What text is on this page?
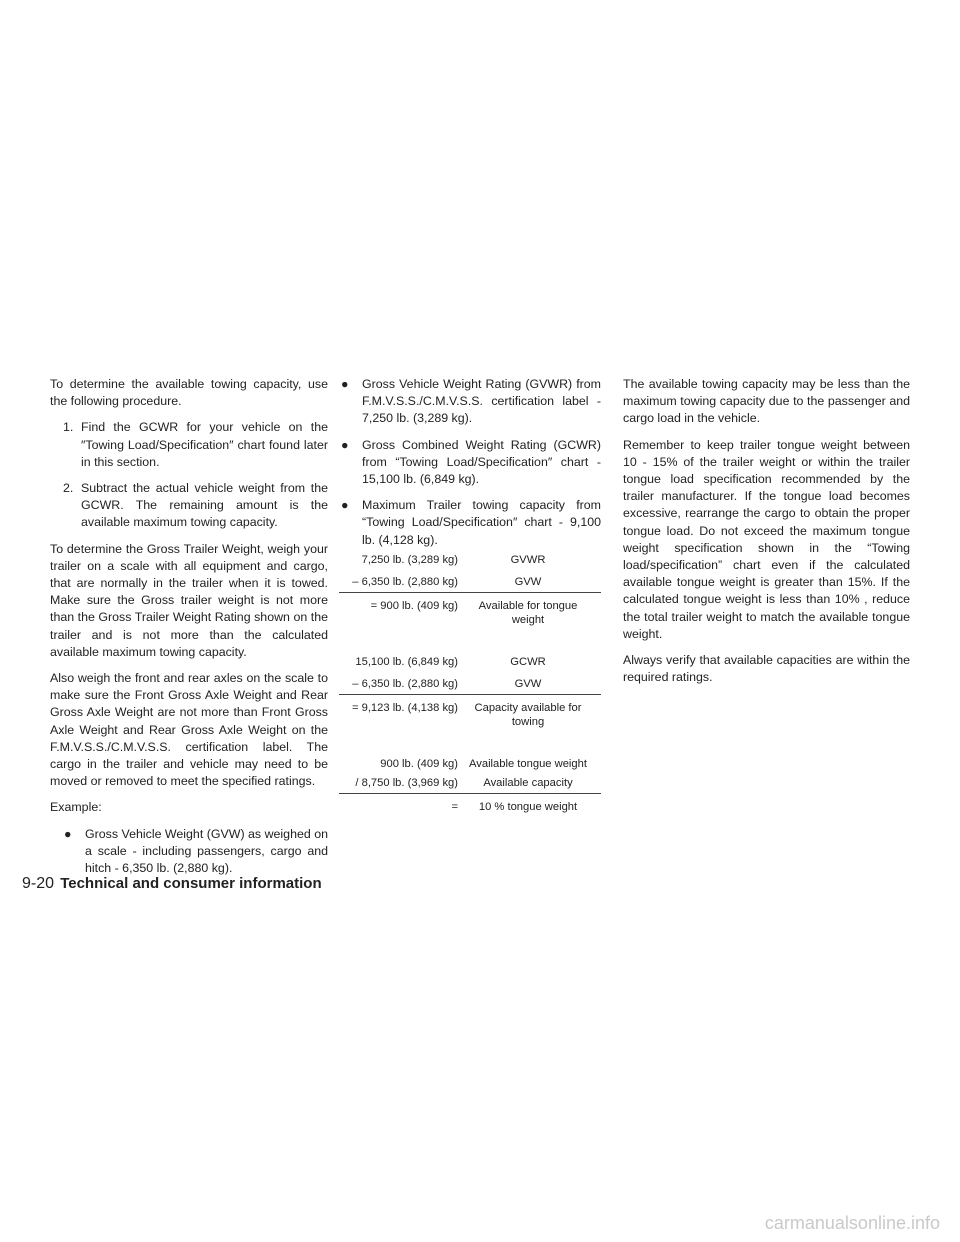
To determine the available towing capacity, use the following procedure.

1. Find the GCWR for your vehicle on the ″Towing Load/Specification″ chart found later in this section.
2. Subtract the actual vehicle weight from the GCWR. The remaining amount is the available maximum towing capacity.

To determine the Gross Trailer Weight, weigh your trailer on a scale with all equipment and cargo, that are normally in the trailer when it is towed. Make sure the Gross trailer weight is not more than the Gross Trailer Weight Rating shown on the trailer and is not more than the calculated available maximum towing capacity.

Also weigh the front and rear axles on the scale to make sure the Front Gross Axle Weight and Rear Gross Axle Weight are not more than Front Gross Axle Weight and Rear Gross Axle Weight on the F.M.V.S.S./C.M.V.S.S. certification label. The cargo in the trailer and vehicle may need to be moved or removed to meet the specified ratings.

Example:

● Gross Vehicle Weight (GVW) as weighed on a scale - including passengers, cargo and hitch - 6,350 lb. (2,880 kg).
● Gross Vehicle Weight Rating (GVWR) from F.M.V.S.S./C.M.V.S.S. certification label - 7,250 lb. (3,289 kg).
● Gross Combined Weight Rating (GCWR) from “Towing Load/Specification″ chart - 15,100 lb. (6,849 kg).
● Maximum Trailer towing capacity from “Towing Load/Specification″ chart - 9,100 lb. (4,128 kg).
7,250 lb. (3,289 kg)	GVWR
– 6,350 lb. (2,880 kg)	GVW
= 900 lb. (409 kg)	Available for tongue weight
15,100 lb. (6,849 kg)	GCWR
– 6,350 lb. (2,880 kg)	GVW
= 9,123 lb. (4,138 kg)	Capacity available for towing
900 lb. (409 kg) Available tongue weight
/ 8,750 lb. (3,969 kg)	Available capacity
=	10 % tongue weight

The available towing capacity may be less than the maximum towing capacity due to the passenger and cargo load in the vehicle.

Remember to keep trailer tongue weight between 10 - 15% of the trailer weight or within the trailer tongue load specification recommended by the trailer manufacturer. If the tongue load becomes excessive, rearrange the cargo to obtain the proper tongue load. Do not exceed the maximum tongue weight specification shown in the “Towing load/specification” chart even if the calculated available tongue weight is greater than 15%. If the calculated tongue weight is less than 10% , reduce the total trailer weight to match the available tongue weight.

Always verify that available capacities are within the required ratings.

9-20 Technical and consumer information
carmanualsonline.info
